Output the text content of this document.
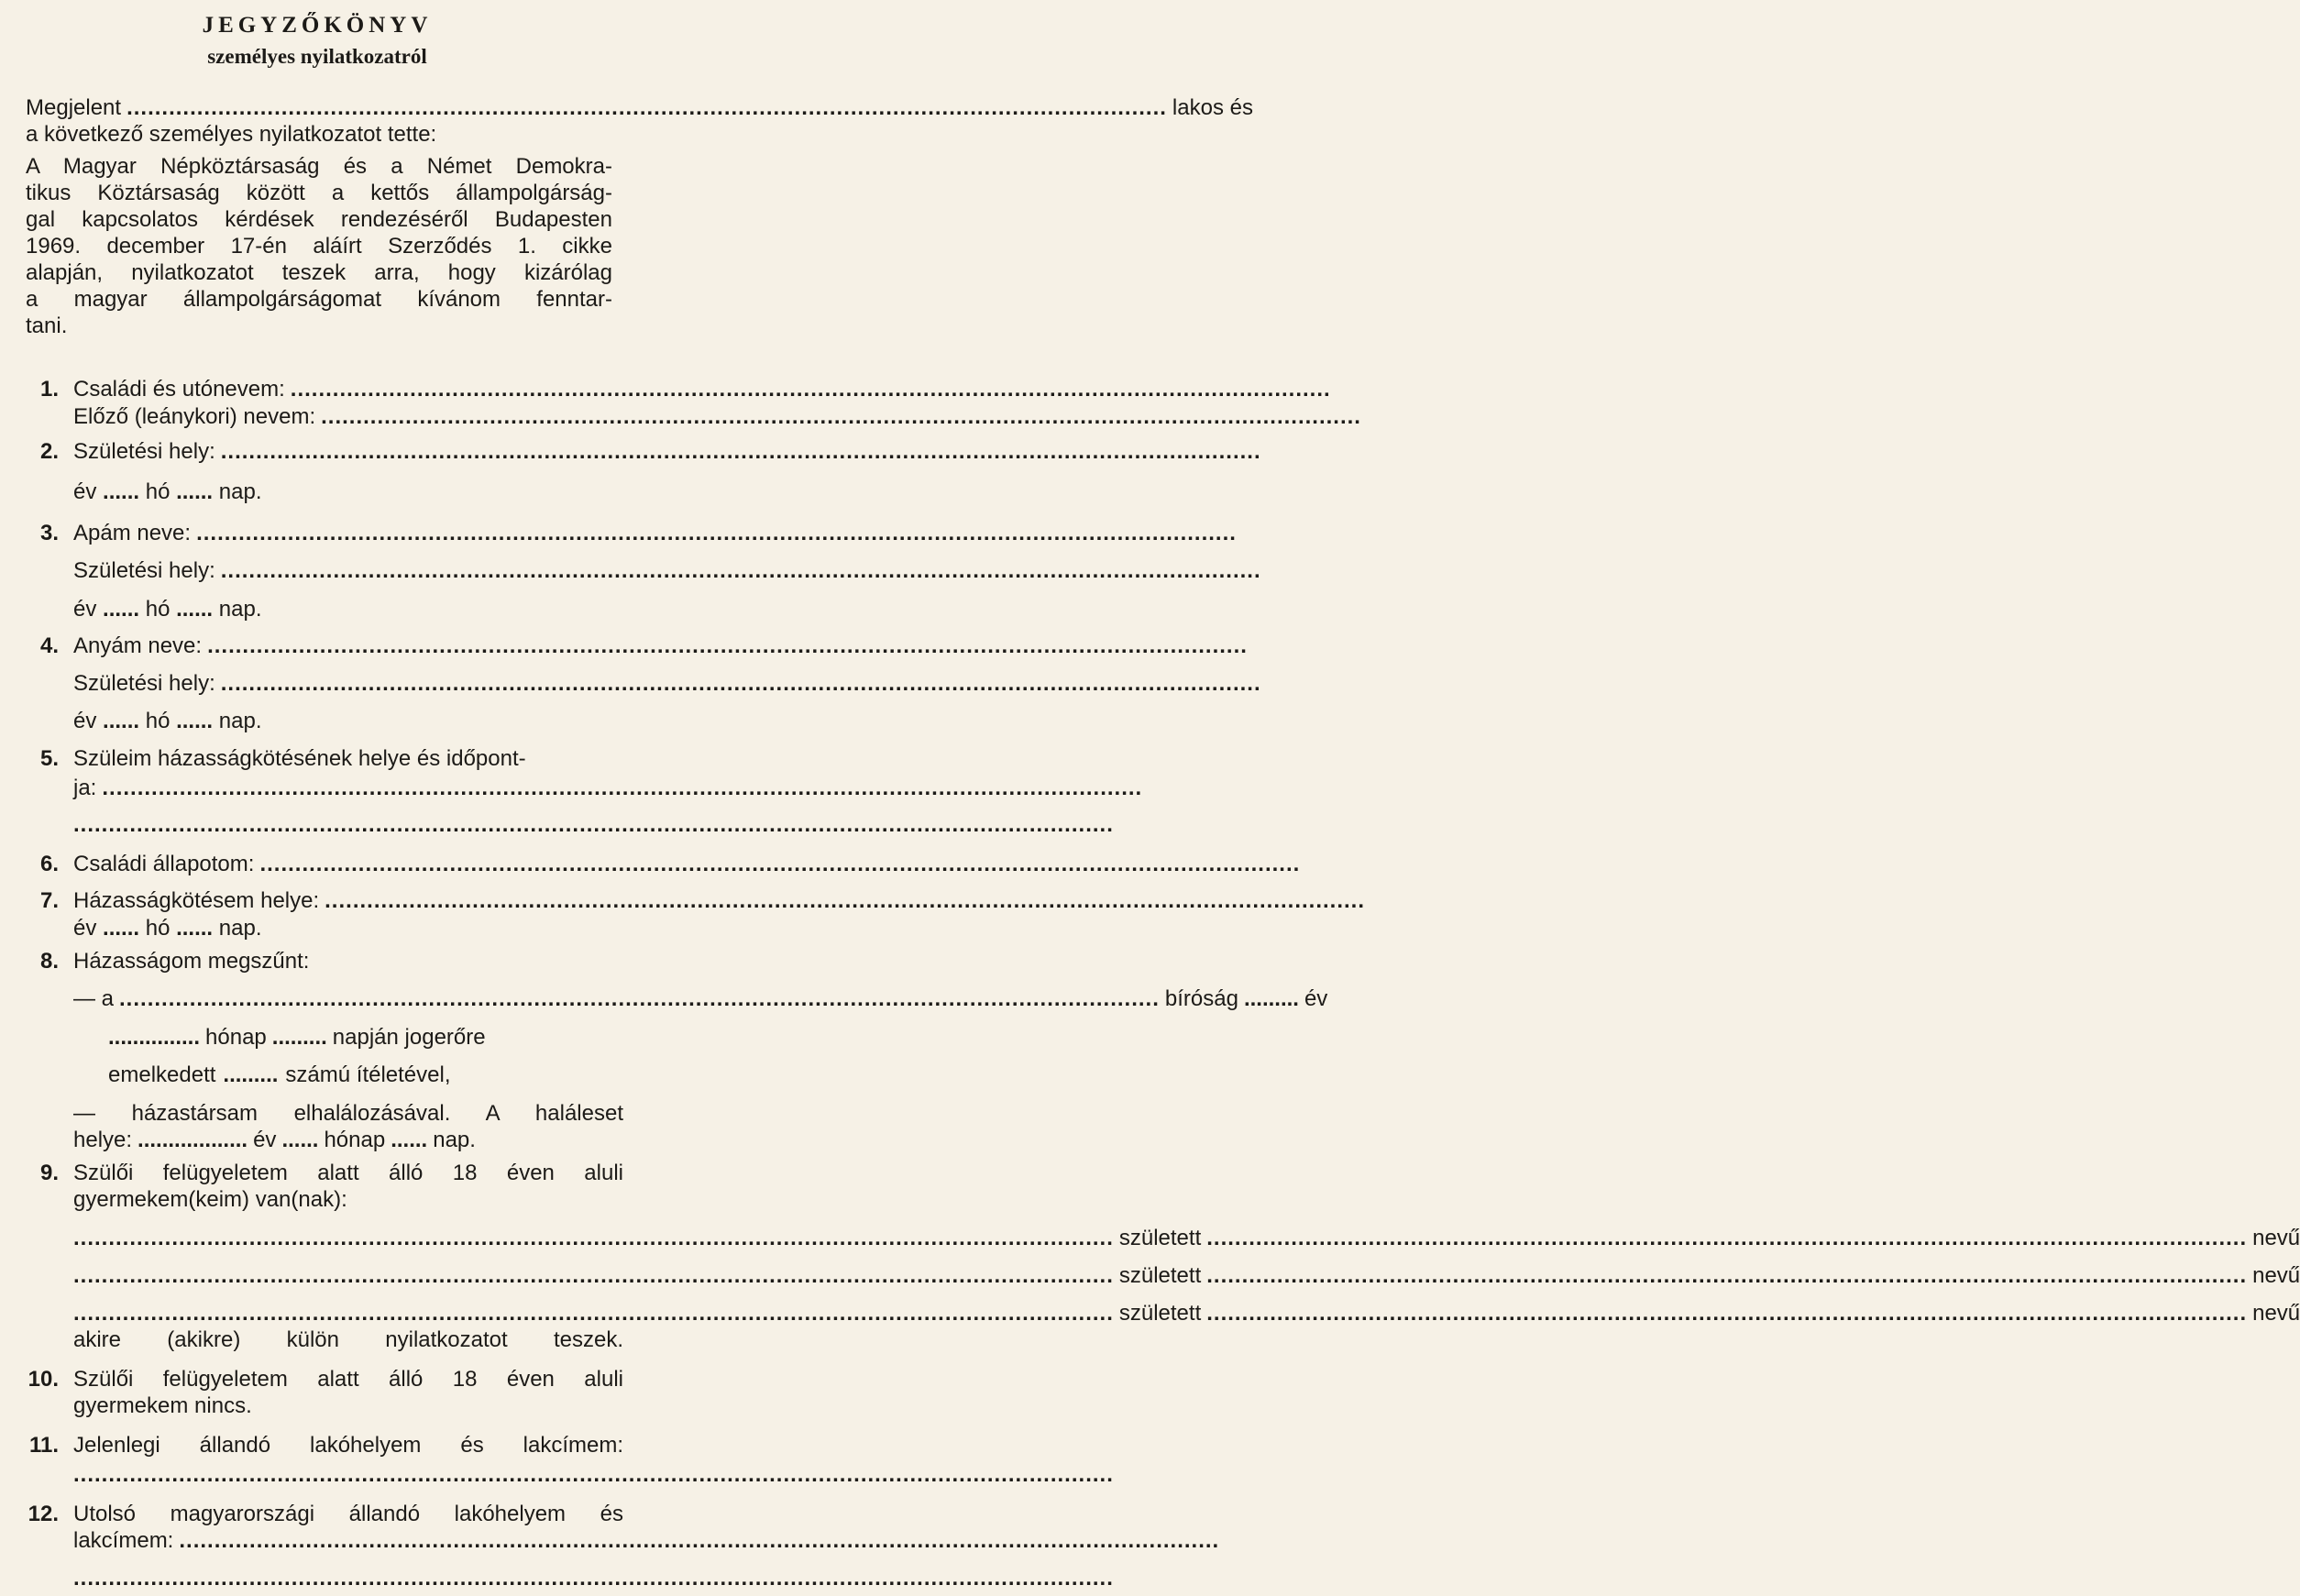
JEGYZŐKÖNYV
személyes nyilatkozatról
Megjelent .................................................................................................................................................... lakos és
a következő személyes nyilatkozatot tette:
A Magyar Népköztársaság és a Német Demokra-
tikus Köztársaság között a kettős állampolgárság-
gal kapcsolatos kérdések rendezéséről Budapesten
1969. december 17-én aláírt Szerződés 1. cikke
alapján, nyilatkozatot teszek arra, hogy kizárólag
a magyar állampolgárságomat kívánom fenntar-
tani.
1. Családi és utónevem: ....................................................................................................................................................
Előző (leánykori) nevem: ....................................................................................................................................................
2. Születési hely: ....................................................................................................................................................
év ...... hó ...... nap.
3. Apám neve: ....................................................................................................................................................
Születési hely: ....................................................................................................................................................
év ...... hó ...... nap.
4. Anyám neve: ....................................................................................................................................................
Születési hely: ....................................................................................................................................................
év ...... hó ...... nap.
5. Szüleim házasságkötésének helye és időpont-
ja: ....................................................................................................................................................
....................................................................................................................................................
6. Családi állapotom: ....................................................................................................................................................
7. Házasságkötésem helye: ....................................................................................................................................................
év ...... hó ...... nap.
8. Házasságom megszűnt:
— a .................................................................................................................................................... bíróság ......... év
............... hónap ......... napján jogerőre
emelkedett ......... számú ítéletével,
— házastársam elhalálozásával. A haláleset
helye: .................. év ...... hónap ...... nap.
9. Szülői felügyeletem alatt álló 18 éven aluli
gyermekem(keim) van(nak):
.................................................................................................................................................... született .................................................................................................................................................... nevű
.................................................................................................................................................... született .................................................................................................................................................... nevű
.................................................................................................................................................... született .................................................................................................................................................... nevű
akire (akikre) külön nyilatkozatot teszek.
10. Szülői felügyeletem alatt álló 18 éven aluli
gyermekem nincs.
11. Jelenlegi állandó lakóhelyem és lakcímem:
....................................................................................................................................................
12. Utolsó magyarországi állandó lakóhelyem és
lakcímem: ....................................................................................................................................................
....................................................................................................................................................
